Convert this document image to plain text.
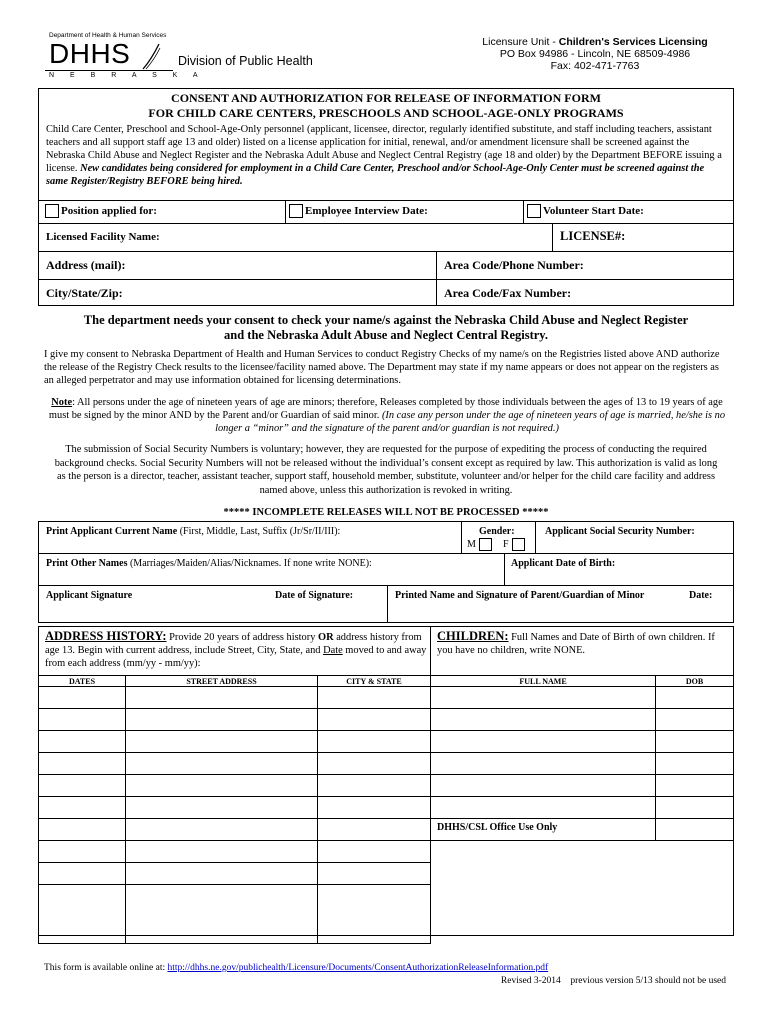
Department of Health & Human Services
DHHS
N E B R A S K A
Division of Public Health
Licensure Unit - Children's Services Licensing
PO Box 94986 - Lincoln, NE 68509-4986
Fax: 402-471-7763
CONSENT AND AUTHORIZATION FOR RELEASE OF INFORMATION FORM
FOR CHILD CARE CENTERS, PRESCHOOLS AND SCHOOL-AGE-ONLY PROGRAMS
Child Care Center, Preschool and School-Age-Only personnel (applicant, licensee, director, regularly identified substitute, and staff including teachers, assistant teachers and all support staff age 13 and older) listed on a license application for initial, renewal, and/or amendment licensure shall be screened against the Nebraska Child Abuse and Neglect Register and the Nebraska Adult Abuse and Neglect Central Registry (age 18 and older) by the Department BEFORE issuing a license. New candidates being considered for employment in a Child Care Center, Preschool and/or School-Age-Only Center must be screened against the same Register/Registry BEFORE being hired.
Position applied for:	Employee Interview Date:	Volunteer Start Date:
Licensed Facility Name:	LICENSE#:
Address (mail):	Area Code/Phone Number:
City/State/Zip:	Area Code/Fax Number:
The department needs your consent to check your name/s against the Nebraska Child Abuse and Neglect Register
and the Nebraska Adult Abuse and Neglect Central Registry.
I give my consent to Nebraska Department of Health and Human Services to conduct Registry Checks of my name/s on the Registries listed above AND authorize the release of the Registry Check results to the licensee/facility named above. The Department may state if my name appears or does not appear on the registers as an alleged perpetrator and may use information obtained for licensing determinations.
Note: All persons under the age of nineteen years of age are minors; therefore, Releases completed by those individuals between the ages of 13 to 19 years of age must be signed by the minor AND by the Parent and/or Guardian of said minor. (In case any person under the age of nineteen years of age is married, he/she is no longer a “minor” and the signature of the parent and/or guardian is not required.)
The submission of Social Security Numbers is voluntary; however, they are requested for the purpose of expediting the process of conducting the required background checks. Social Security Numbers will not be released without the individual’s consent except as required by law. This authorization is valid as long as the person is a director, teacher, assistant teacher, support staff, household member, substitute, volunteer and/or helper for the child care facility and address named above, unless this authorization is revoked in writing.
***** INCOMPLETE RELEASES WILL NOT BE PROCESSED *****
Print Applicant Current Name (First, Middle, Last, Suffix (Jr/Sr/II/III):	Gender:
M	F
Applicant Social Security Number:
Print Other Names (Marriages/Maiden/Alias/Nicknames. If none write NONE):	Applicant Date of Birth:
Applicant Signature	Date of Signature:	Printed Name and Signature of Parent/Guardian of Minor	Date:
ADDRESS HISTORY: Provide 20 years of address history OR address history from age 13. Begin with current address, include Street, City, State, and Date moved to and away from each address (mm/yy - mm/yy):
CHILDREN: Full Names and Date of Birth of own children. If you have no children, write NONE.
DATES	STREET ADDRESS	CITY & STATE

			FULL NAME	DOB

DHHS/CSL Office Use Only
This form is available online at: http://dhhs.ne.gov/publichealth/Licensure/Documents/ConsentAuthorizationReleaseInformation.pdf
Revised 3-2014 previous version 5/13 should not be used
